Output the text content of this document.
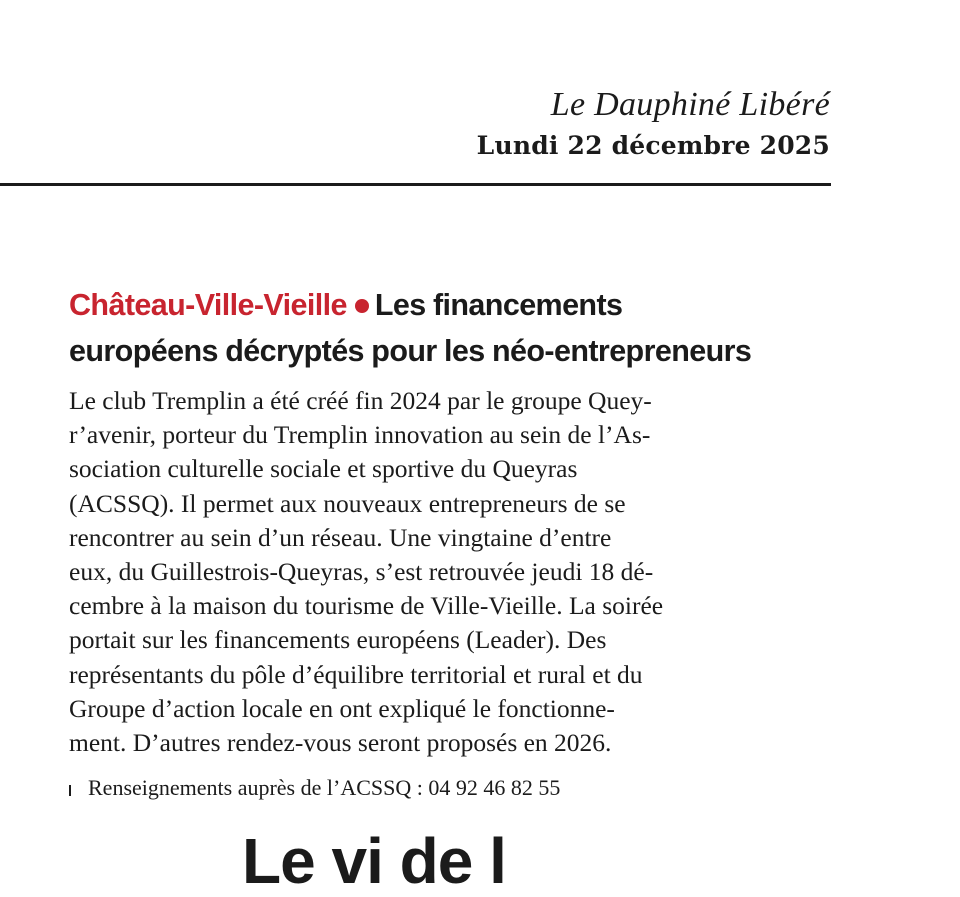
Le Dauphiné Libéré
Lundi 22 décembre 2025
Château-Ville-Vieille Les financements
européens décryptés pour les néo-entrepreneurs
Le club Tremplin a été créé fin 2024 par le groupe Quey-
r’avenir, porteur du Tremplin innovation au sein de l’As-
sociation culturelle sociale et sportive du Queyras
(ACSSQ). Il permet aux nouveaux entrepreneurs de se
rencontrer au sein d’un réseau. Une vingtaine d’entre
eux, du Guillestrois-Queyras, s’est retrouvée jeudi 18 dé-
cembre à la maison du tourisme de Ville-Vieille. La soirée
portait sur les financements européens (Leader). Des
représentants du pôle d’équilibre territorial et rural et du
Groupe d’action locale en ont expliqué le fonctionne-
ment. D’autres rendez-vous seront proposés en 2026.
Renseignements auprès de l’ACSSQ : 04 92 46 82 55
Le vi de l
